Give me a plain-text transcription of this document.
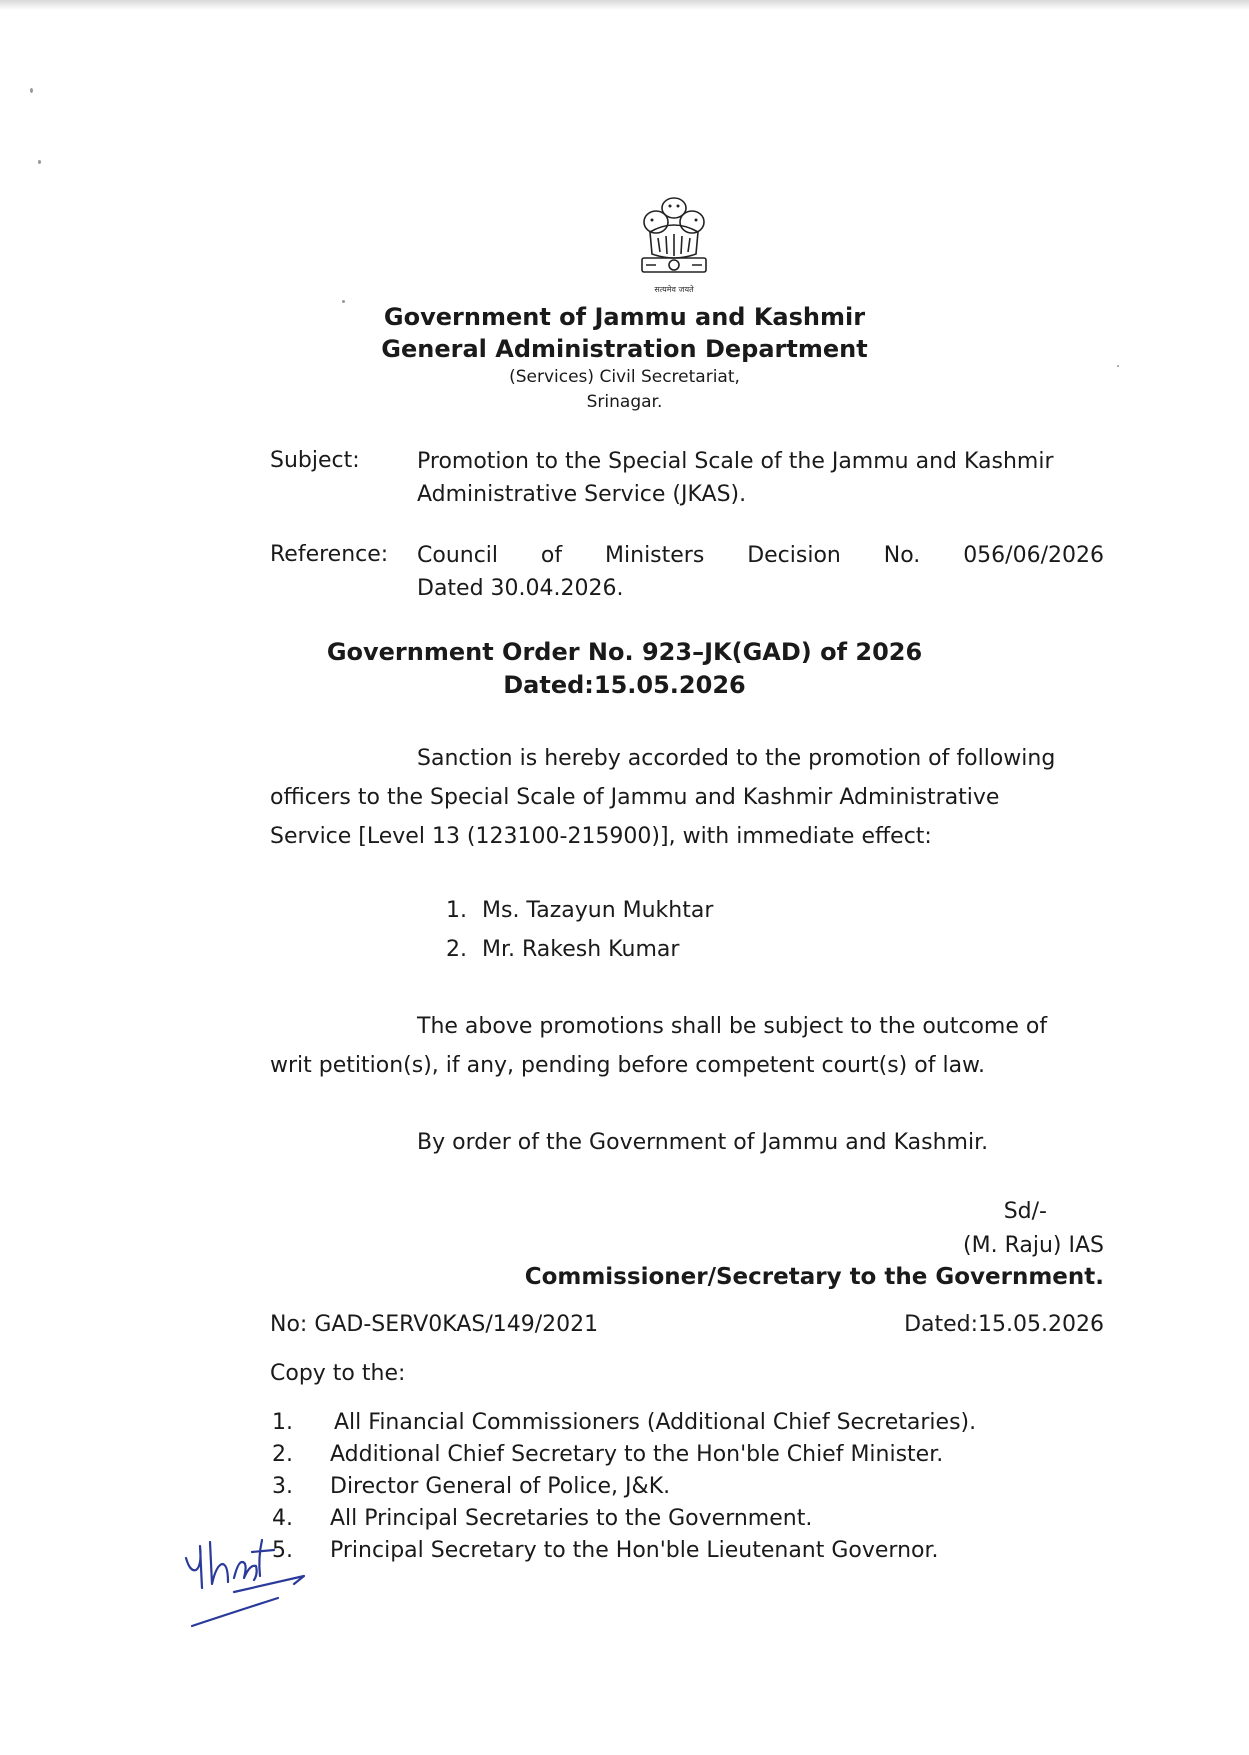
सत्यमेव जयते
Government of Jammu and Kashmir
General Administration Department
(Services) Civil Secretariat,
Srinagar.
Subject:	Promotion to the Special Scale of the Jammu and Kashmir
Administrative Service (JKAS).
Reference: Council of Ministers Decision No. 056/06/2026
Dated 30.04.2026.
Government Order No. 923–JK(GAD) of 2026
Dated:15.05.2026
Sanction is hereby accorded to the promotion of following
officers to the Special Scale of Jammu and Kashmir Administrative
Service [Level 13 (123100-215900)], with immediate effect:
1. Ms. Tazayun Mukhtar
2. Mr. Rakesh Kumar
The above promotions shall be subject to the outcome of
writ petition(s), if any, pending before competent court(s) of law.
By order of the Government of Jammu and Kashmir.
Sd/-
(M. Raju) IAS
Commissioner/Secretary to the Government.
No: GAD-SERV0KAS/149/2021	Dated:15.05.2026
Copy to the:
1. All Financial Commissioners (Additional Chief Secretaries).
2. Additional Chief Secretary to the Hon'ble Chief Minister.
3. Director General of Police, J&K.
4. All Principal Secretaries to the Government.
5. Principal Secretary to the Hon'ble Lieutenant Governor.
